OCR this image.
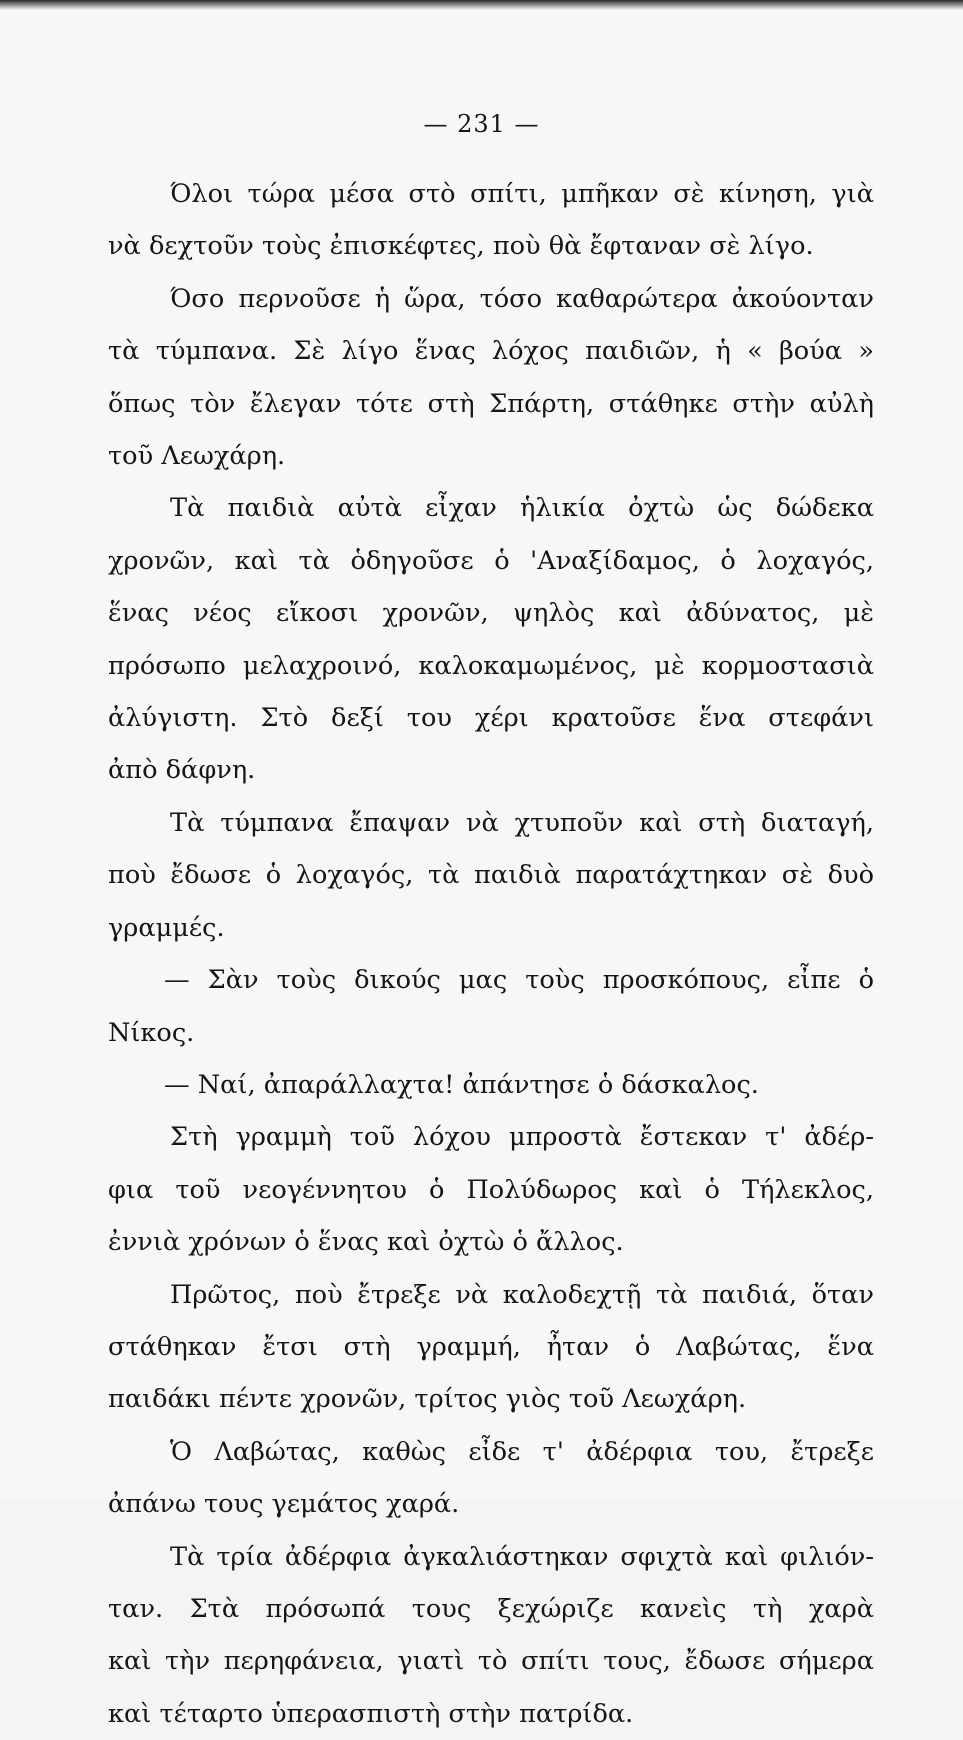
— 231 —
Όλοι τώρα μέσα στὸ σπίτι, μπῆκαν σὲ κίνηση, γιὰ
νὰ δεχτοῦν τοὺς ἐπισκέφτες, ποὺ θὰ ἔφταναν σὲ λίγο.
Όσο περνοῦσε ἡ ὥρα, τόσο καθαρώτερα ἀκούονταν
τὰ τύμπανα. Σὲ λίγο ἕνας λόχος παιδιῶν, ἡ « βούα »
ὅπως τὸν ἔλεγαν τότε στὴ Σπάρτη, στάθηκε στὴν αὐλὴ
τοῦ Λεωχάρη.
Τὰ παιδιὰ αὐτὰ εἶχαν ἡλικία ὀχτὼ ὡς δώδεκα
χρονῶν, καὶ τὰ ὁδηγοῦσε ὁ 'Αναξίδαμος, ὁ λοχαγός,
ἕνας νέος εἴκοσι χρονῶν, ψηλὸς καὶ ἀδύνατος, μὲ
πρόσωπο μελαχροινό, καλοκαμωμένος, μὲ κορμοστασιὰ
ἀλύγιστη. Στὸ δεξί του χέρι κρατοῦσε ἕνα στεφάνι
ἀπὸ δάφνη.
Τὰ τύμπανα ἔπαψαν νὰ χτυποῦν καὶ στὴ διαταγή,
ποὺ ἔδωσε ὁ λοχαγός, τὰ παιδιὰ παρατάχτηκαν σὲ δυὸ
γραμμές.
— Σὰν τοὺς δικούς μας τοὺς προσκόπους, εἶπε ὁ
Νίκος.
— Ναί, ἀπαράλλαχτα! ἀπάντησε ὁ δάσκαλος.
Στὴ γραμμὴ τοῦ λόχου μπροστὰ ἔστεκαν τ' ἀδέρ-
φια τοῦ νεογέννητου ὁ Πολύδωρος καὶ ὁ Τήλεκλος,
ἐννιὰ χρόνων ὁ ἕνας καὶ ὀχτὼ ὁ ἄλλος.
Πρῶτος, ποὺ ἔτρεξε νὰ καλοδεχτῇ τὰ παιδιά, ὅταν
στάθηκαν ἔτσι στὴ γραμμή, ἦταν ὁ Λαβώτας, ἕνα
παιδάκι πέντε χρονῶν, τρίτος γιὸς τοῦ Λεωχάρη.
Ὁ Λαβώτας, καθὼς εἶδε τ' ἀδέρφια του, ἔτρεξε
ἀπάνω τους γεμάτος χαρά.
Τὰ τρία ἀδέρφια ἀγκαλιάστηκαν σφιχτὰ καὶ φιλιόν-
ταν. Στὰ πρόσωπά τους ξεχώριζε κανεὶς τὴ χαρὰ
καὶ τὴν περηφάνεια, γιατὶ τὸ σπίτι τους, ἔδωσε σήμερα
καὶ τέταρτο ὑπερασπιστὴ στὴν πατρίδα.
